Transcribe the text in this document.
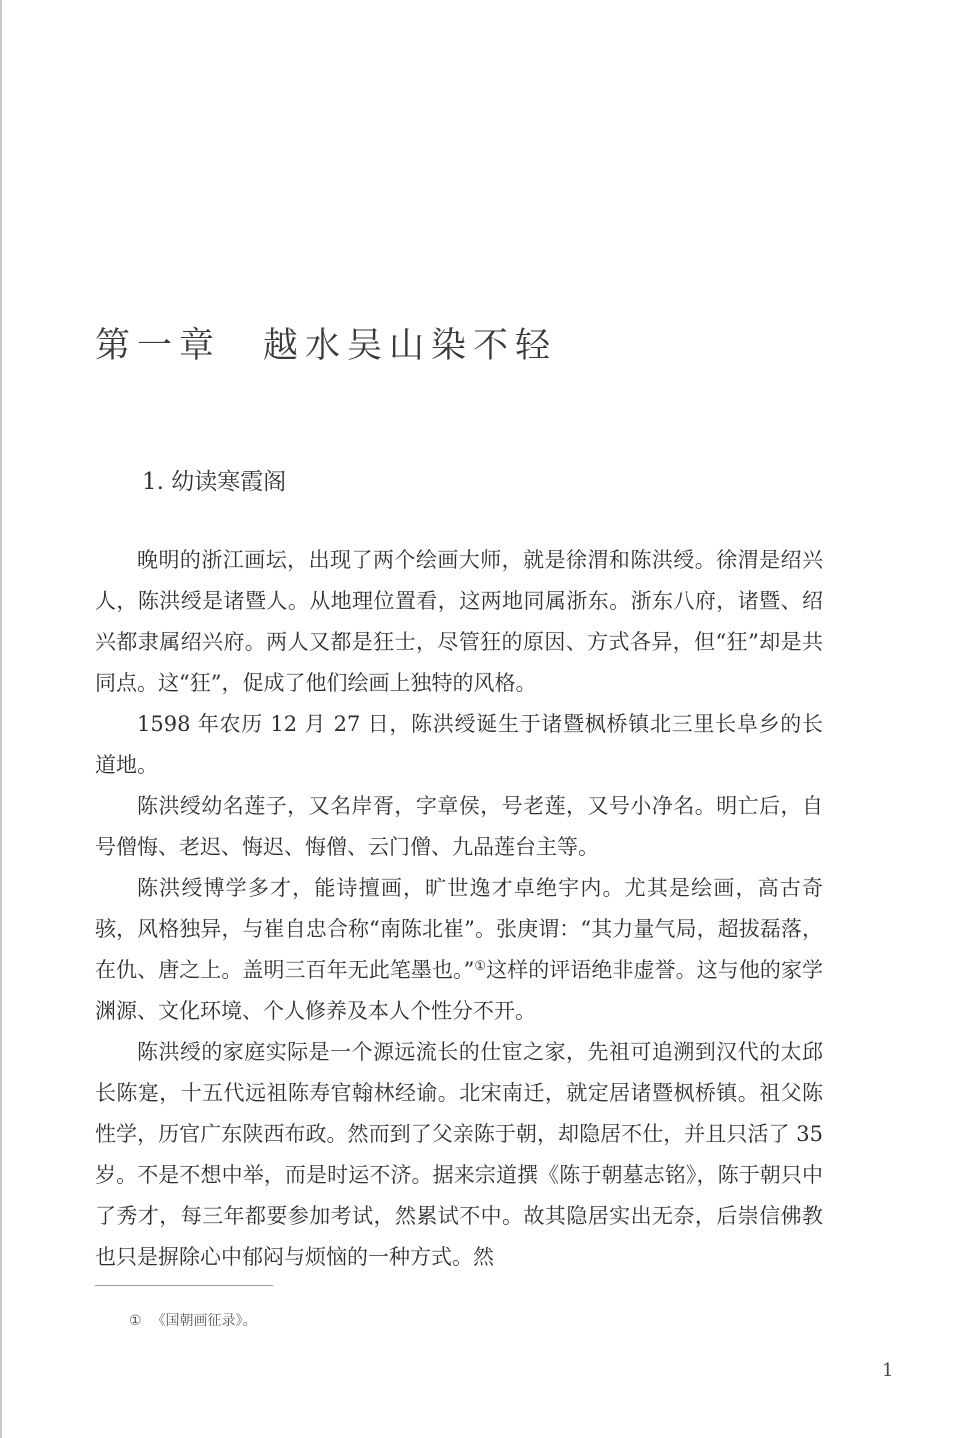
第一章 越水吴山染不轻
1. 幼读寒霞阁

晚明的浙江画坛，出现了两个绘画大师，就是徐渭和陈洪绶。徐渭是绍兴人，陈洪绶是诸暨人。从地理位置看，这两地同属浙东。浙东八府，诸暨、绍兴都隶属绍兴府。两人又都是狂士，尽管狂的原因、方式各异，但“狂”却是共同点。这“狂”，促成了他们绘画上独特的风格。

1598 年农历 12 月 27 日，陈洪绶诞生于诸暨枫桥镇北三里长阜乡的长道地。

陈洪绶幼名莲子，又名岸胥，字章侯，号老莲，又号小净名。明亡后，自号僧悔、老迟、悔迟、悔僧、云门僧、九品莲台主等。

陈洪绶博学多才，能诗擅画，旷世逸才卓绝宇内。尤其是绘画，高古奇骇，风格独异，与崔自忠合称“南陈北崔”。张庚谓：“其力量气局，超拔磊落，在仇、唐之上。盖明三百年无此笔墨也。”①这样的评语绝非虚誉。这与他的家学渊源、文化环境、个人修养及本人个性分不开。

陈洪绶的家庭实际是一个源远流长的仕宦之家，先祖可追溯到汉代的太邱长陈寔，十五代远祖陈寿官翰林经谕。北宋南迁，就定居诸暨枫桥镇。祖父陈性学，历官广东陕西布政。然而到了父亲陈于朝，却隐居不仕，并且只活了 35 岁。不是不想中举，而是时运不济。据来宗道撰《陈于朝墓志铭》，陈于朝只中了秀才，每三年都要参加考试，然累试不中。故其隐居实出无奈，后崇信佛教也只是摒除心中郁闷与烦恼的一种方式。然

① 《国朝画征录》。
1
